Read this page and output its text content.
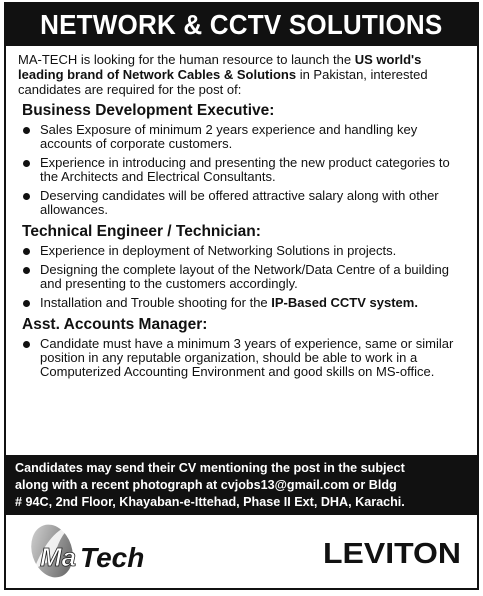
NETWORK & CCTV SOLUTIONS

MA-TECH is looking for the human resource to launch the US world's leading brand of Network Cables & Solutions in Pakistan, interested candidates are required for the post of:

Business Development Executive:
Sales Exposure of minimum 2 years experience and handling key accounts of corporate customers.
Experience in introducing and presenting the new product categories to the Architects and Electrical Consultants.
Deserving candidates will be offered attractive salary along with other allowances.
Technical Engineer / Technician:
Experience in deployment of Networking Solutions in projects.
Designing the complete layout of the Network/Data Centre of a building and presenting to the customers accordingly.
Installation and Trouble shooting for the IP-Based CCTV system.
Asst. Accounts Manager:
Candidate must have a minimum 3 years of experience, same or similar position in any reputable organization, should be able to work in a Computerized Accounting Environment and good skills on MS-office.
Candidates may send their CV mentioning the post in the subject
along with a recent photograph at cvjobs13@gmail.com or Bldg
# 94C, 2nd Floor, Khayaban-e-Ittehad, Phase II Ext, DHA, Karachi.
Ma Tech	LEVITON
